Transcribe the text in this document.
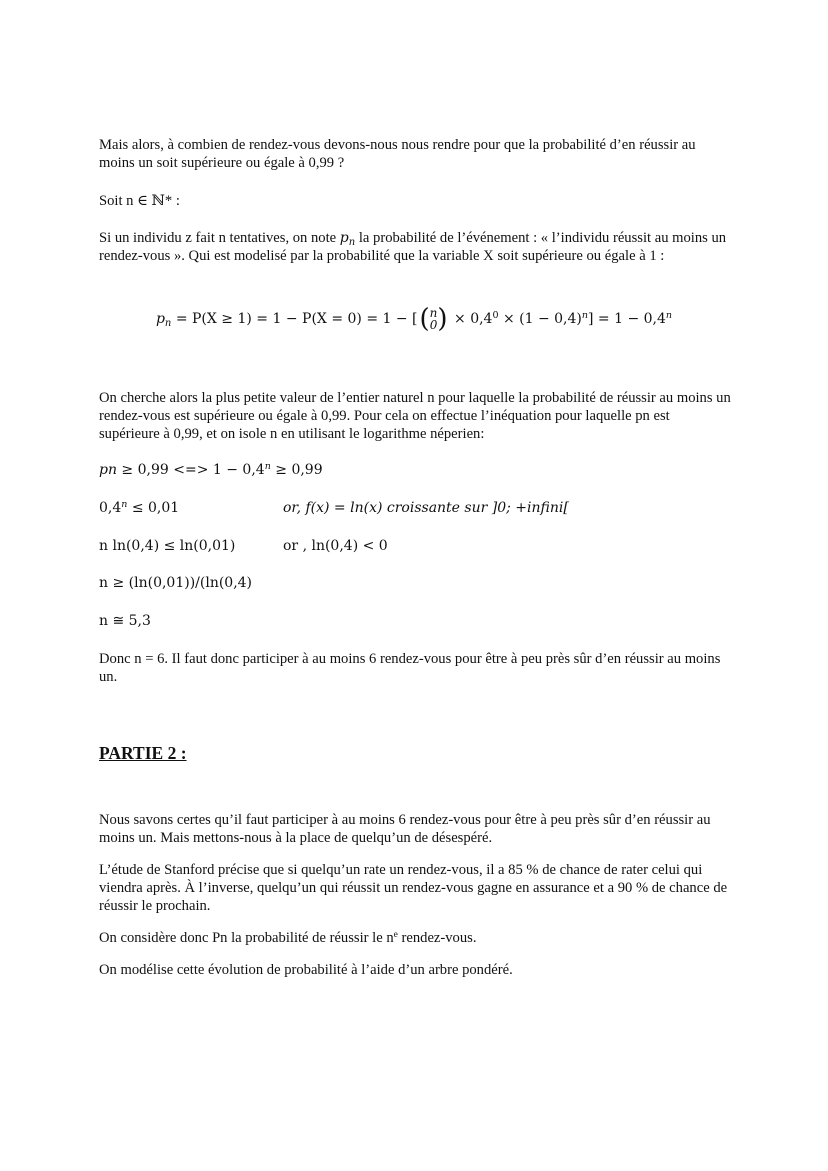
Mais alors, à combien de rendez-vous devons-nous nous rendre pour que la probabilité d’en réussir au moins un soit supérieure ou égale à 0,99 ?

Soit n ∈ ℕ* :

Si un individu z fait n tentatives, on note $p_n$ la probabilité de l’événement : « l’individu réussit au moins un rendez-vous ». Qui est modelisé par la probabilité que la variable X soit supérieure ou égale à 1 :

$p_n = P(X \ge 1) = 1 - P(X = 0) = 1$ − [ ( n
0 ) × $0,4^0 \times (1 - 0,4)^n] = 1 - 0,4^n$

On cherche alors la plus petite valeur de l’entier naturel n pour laquelle la probabilité de réussir au moins un rendez-vous est supérieure ou égale à 0,99. Pour cela on effectue l’inéquation pour laquelle pn est supérieure à 0,99, et on isole n en utilisant le logarithme néperien:

pn ≥ 0,99 <=> $1 - 0,4^n \ge 0,99$
$0,4^n \le 0,01$	or, f(x) = ln(x) croissante sur ]0; +infini[
n ln(0,4) ≤ ln(0,01)	or , ln(0,4) < 0
n ≥ (ln(0,01))/(ln(0,4)
n ≅ 5,3

Donc n = 6. Il faut donc participer à au moins 6 rendez-vous pour être à peu près sûr d’en réussir au moins un.

PARTIE 2 :

Nous savons certes qu’il faut participer à au moins 6 rendez-vous pour être à peu près sûr d’en réussir au moins un. Mais mettons-nous à la place de quelqu’un de désespéré.

L’étude de Stanford précise que si quelqu’un rate un rendez-vous, il a 85 % de chance de rater celui qui viendra après. À l’inverse, quelqu’un qui réussit un rendez-vous gagne en assurance et a 90 % de chance de réussir le prochain.

On considère donc Pn la probabilité de réussir le $n^e$ rendez-vous.

On modélise cette évolution de probabilité à l’aide d’un arbre pondéré.
